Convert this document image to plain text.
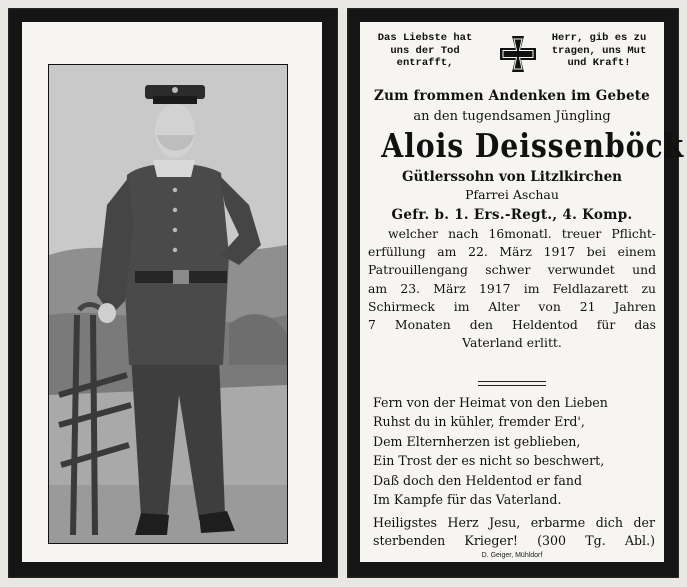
Das Liebste hat
uns der Tod
entrafft,
Herr, gib es zu
tragen, uns Mut
und Kraft!
Zum frommen Andenken im Gebete
an den tugendsamen Jüngling
Alois Deissenböck
Gütlerssohn von Litzlkirchen
Pfarrei Aschau
Gefr. b. 1. Ers.-Regt., 4. Komp.
welcher nach 16monatl. treuer Pflicht-
erfüllung am 22. März 1917 bei einem
Patrouillengang schwer verwundet und
am 23. März 1917 im Feldlazarett zu
Schirmeck im Alter von 21 Jahren
7 Monaten den Heldentod für das
Vaterland erlitt.
Fern von der Heimat von den Lieben
Ruhst du in kühler, fremder Erd',
Dem Elternherzen ist geblieben,
Ein Trost der es nicht so beschwert,
Daß doch den Heldentod er fand
Im Kampfe für das Vaterland.
Heiligstes Herz Jesu, erbarme dich der
sterbenden Krieger! (300 Tg. Abl.)
D. Geiger, Mühldorf
